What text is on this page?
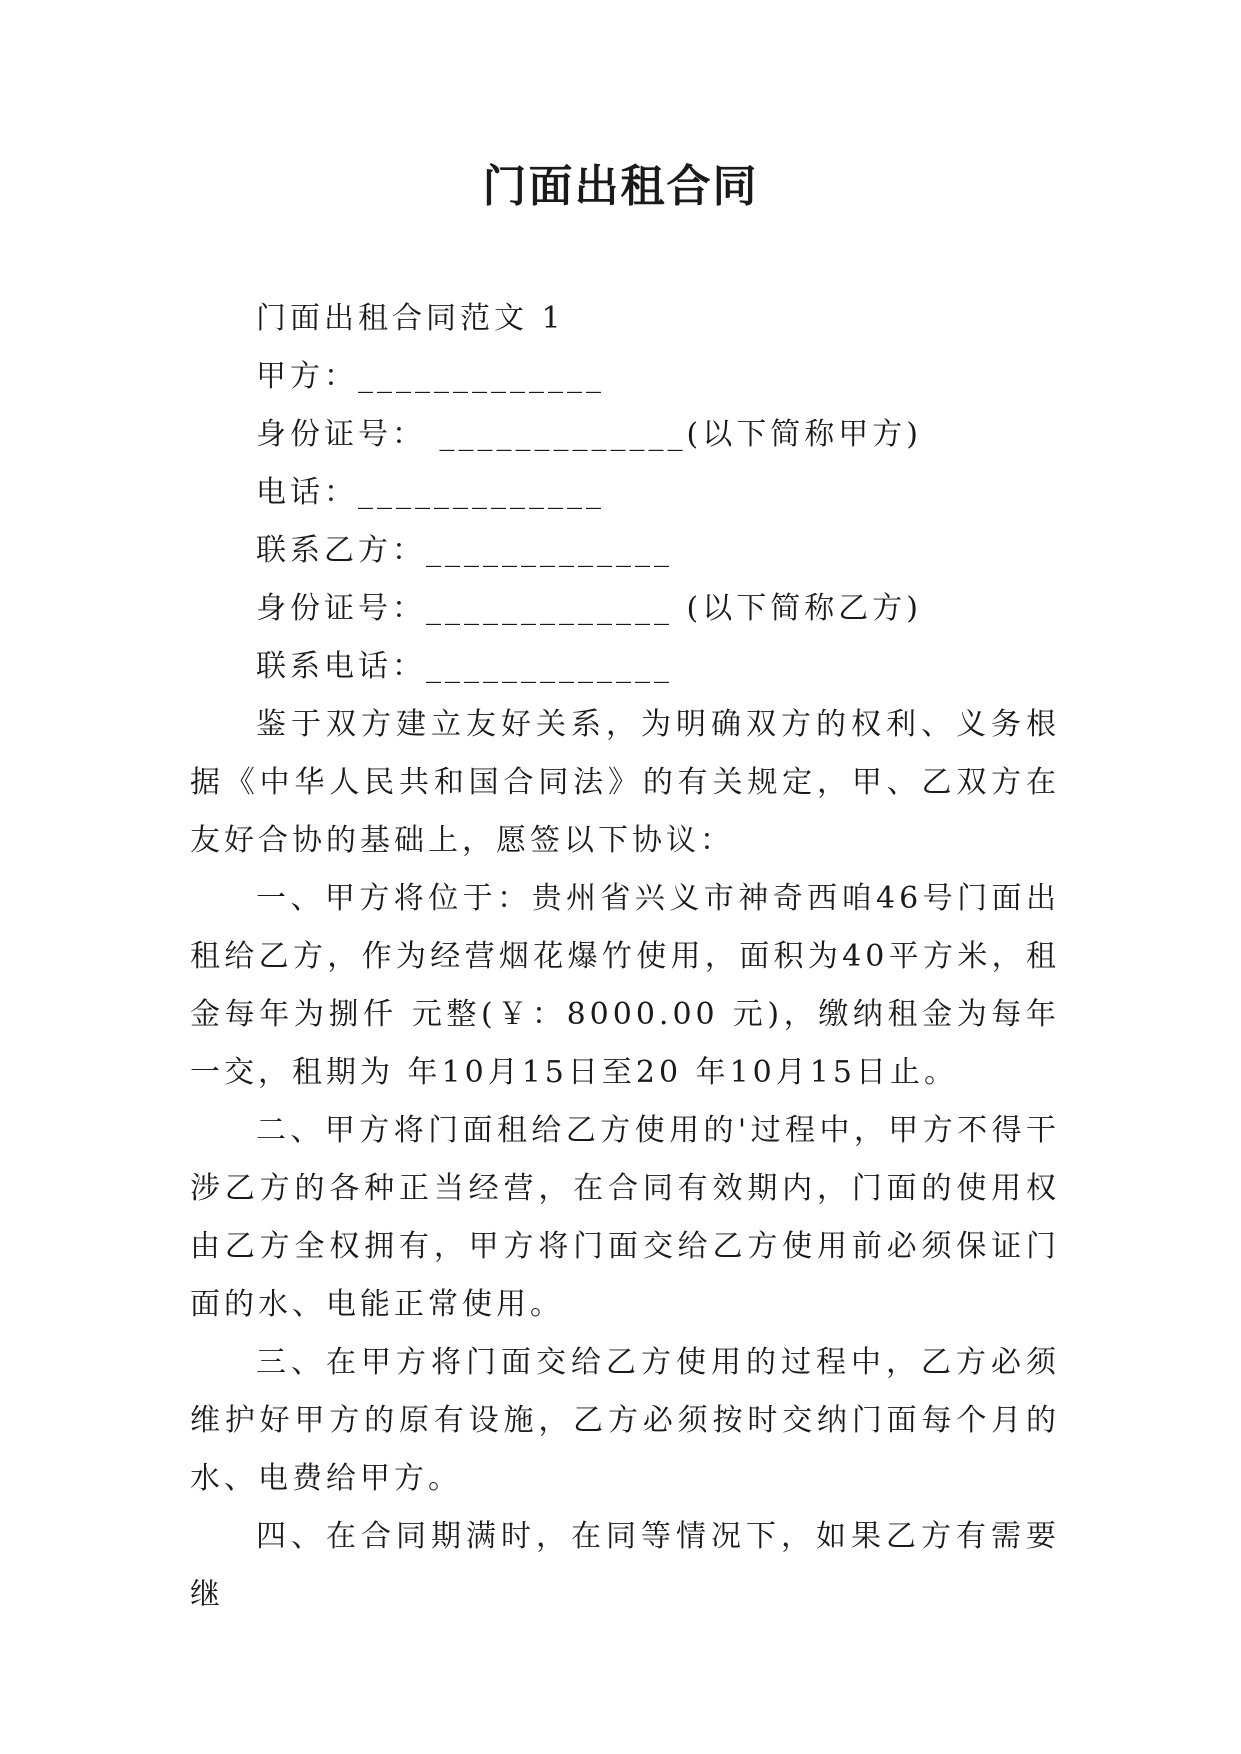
门面出租合同
门面出租合同范文 1
甲方：_____________
身份证号： _____________(以下简称甲方)
电话：_____________
联系乙方：_____________
身份证号：_____________ (以下简称乙方)
联系电话：_____________
鉴于双方建立友好关系，为明确双方的权利、义务根据《中华人民共和国合同法》的有关规定，甲、乙双方在友好合协的基础上，愿签以下协议：
一、甲方将位于：贵州省兴义市神奇西咱46号门面出租给乙方，作为经营烟花爆竹使用，面积为40平方米，租金每年为捌仟 元整(￥：8000.00 元)，缴纳租金为每年一交，租期为 年10月15日至20 年10月15日止。
二、甲方将门面租给乙方使用的'过程中，甲方不得干涉乙方的各种正当经营，在合同有效期内，门面的使用权由乙方全权拥有，甲方将门面交给乙方使用前必须保证门面的水、电能正常使用。
三、在甲方将门面交给乙方使用的过程中，乙方必须维护好甲方的原有设施，乙方必须按时交纳门面每个月的水、电费给甲方。
四、在合同期满时，在同等情况下，如果乙方有需要继
